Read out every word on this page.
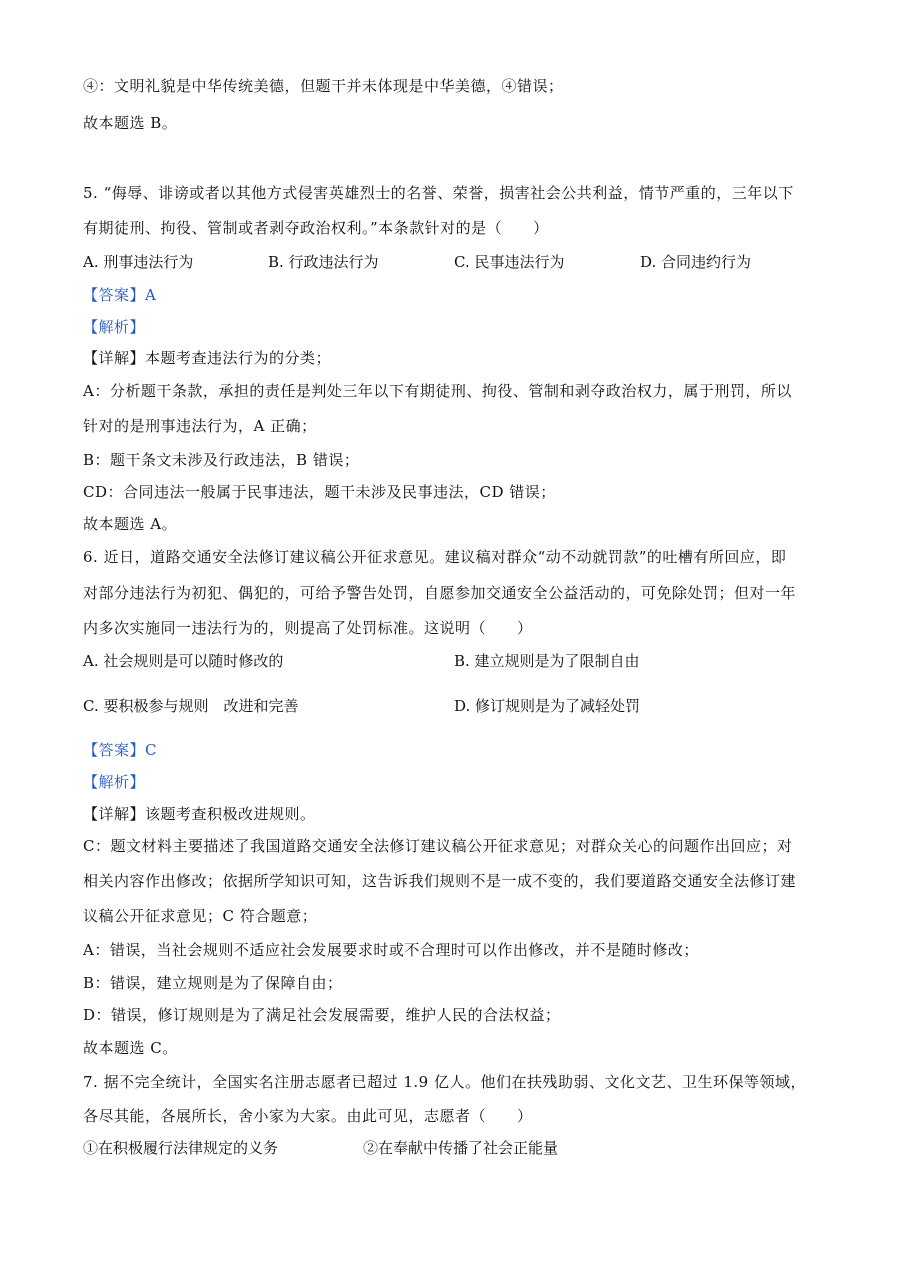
④：文明礼貌是中华传统美德，但题干并未体现是中华美德，④错误；
故本题选 B。
5. “侮辱、诽谤或者以其他方式侵害英雄烈士的名誉、荣誉，损害社会公共利益，情节严重的，三年以下
有期徒刑、拘役、管制或者剥夺政治权利。”本条款针对的是（　　）
A. 刑事违法行为	B. 行政违法行为	C. 民事违法行为	D. 合同违约行为
【答案】A
【解析】
【详解】本题考查违法行为的分类；
A：分析题干条款，承担的责任是判处三年以下有期徒刑、拘役、管制和剥夺政治权力，属于刑罚，所以
针对的是刑事违法行为，A 正确；
B：题干条文未涉及行政违法，B 错误；
CD：合同违法一般属于民事违法，题干未涉及民事违法，CD 错误；
故本题选 A。
6. 近日，道路交通安全法修订建议稿公开征求意见。建议稿对群众“动不动就罚款”的吐槽有所回应，即
对部分违法行为初犯、偶犯的，可给予警告处罚，自愿参加交通安全公益活动的，可免除处罚；但对一年
内多次实施同一违法行为的，则提高了处罚标准。这说明（　　）
A. 社会规则是可以随时修改的	B. 建立规则是为了限制自由
C. 要积极参与规则　改进和完善	D. 修订规则是为了减轻处罚
【答案】C
【解析】
【详解】该题考查积极改进规则。
C：题文材料主要描述了我国道路交通安全法修订建议稿公开征求意见；对群众关心的问题作出回应；对
相关内容作出修改；依据所学知识可知，这告诉我们规则不是一成不变的，我们要道路交通安全法修订建
议稿公开征求意见；C 符合题意；
A：错误，当社会规则不适应社会发展要求时或不合理时可以作出修改，并不是随时修改；
B：错误，建立规则是为了保障自由；
D：错误，修订规则是为了满足社会发展需要，维护人民的合法权益；
故本题选 C。
7. 据不完全统计，全国实名注册志愿者已超过 1.9 亿人。他们在扶残助弱、文化文艺、卫生环保等领域，
各尽其能，各展所长，舍小家为大家。由此可见，志愿者（　　）
①在积极履行法律规定的义务	②在奉献中传播了社会正能量
